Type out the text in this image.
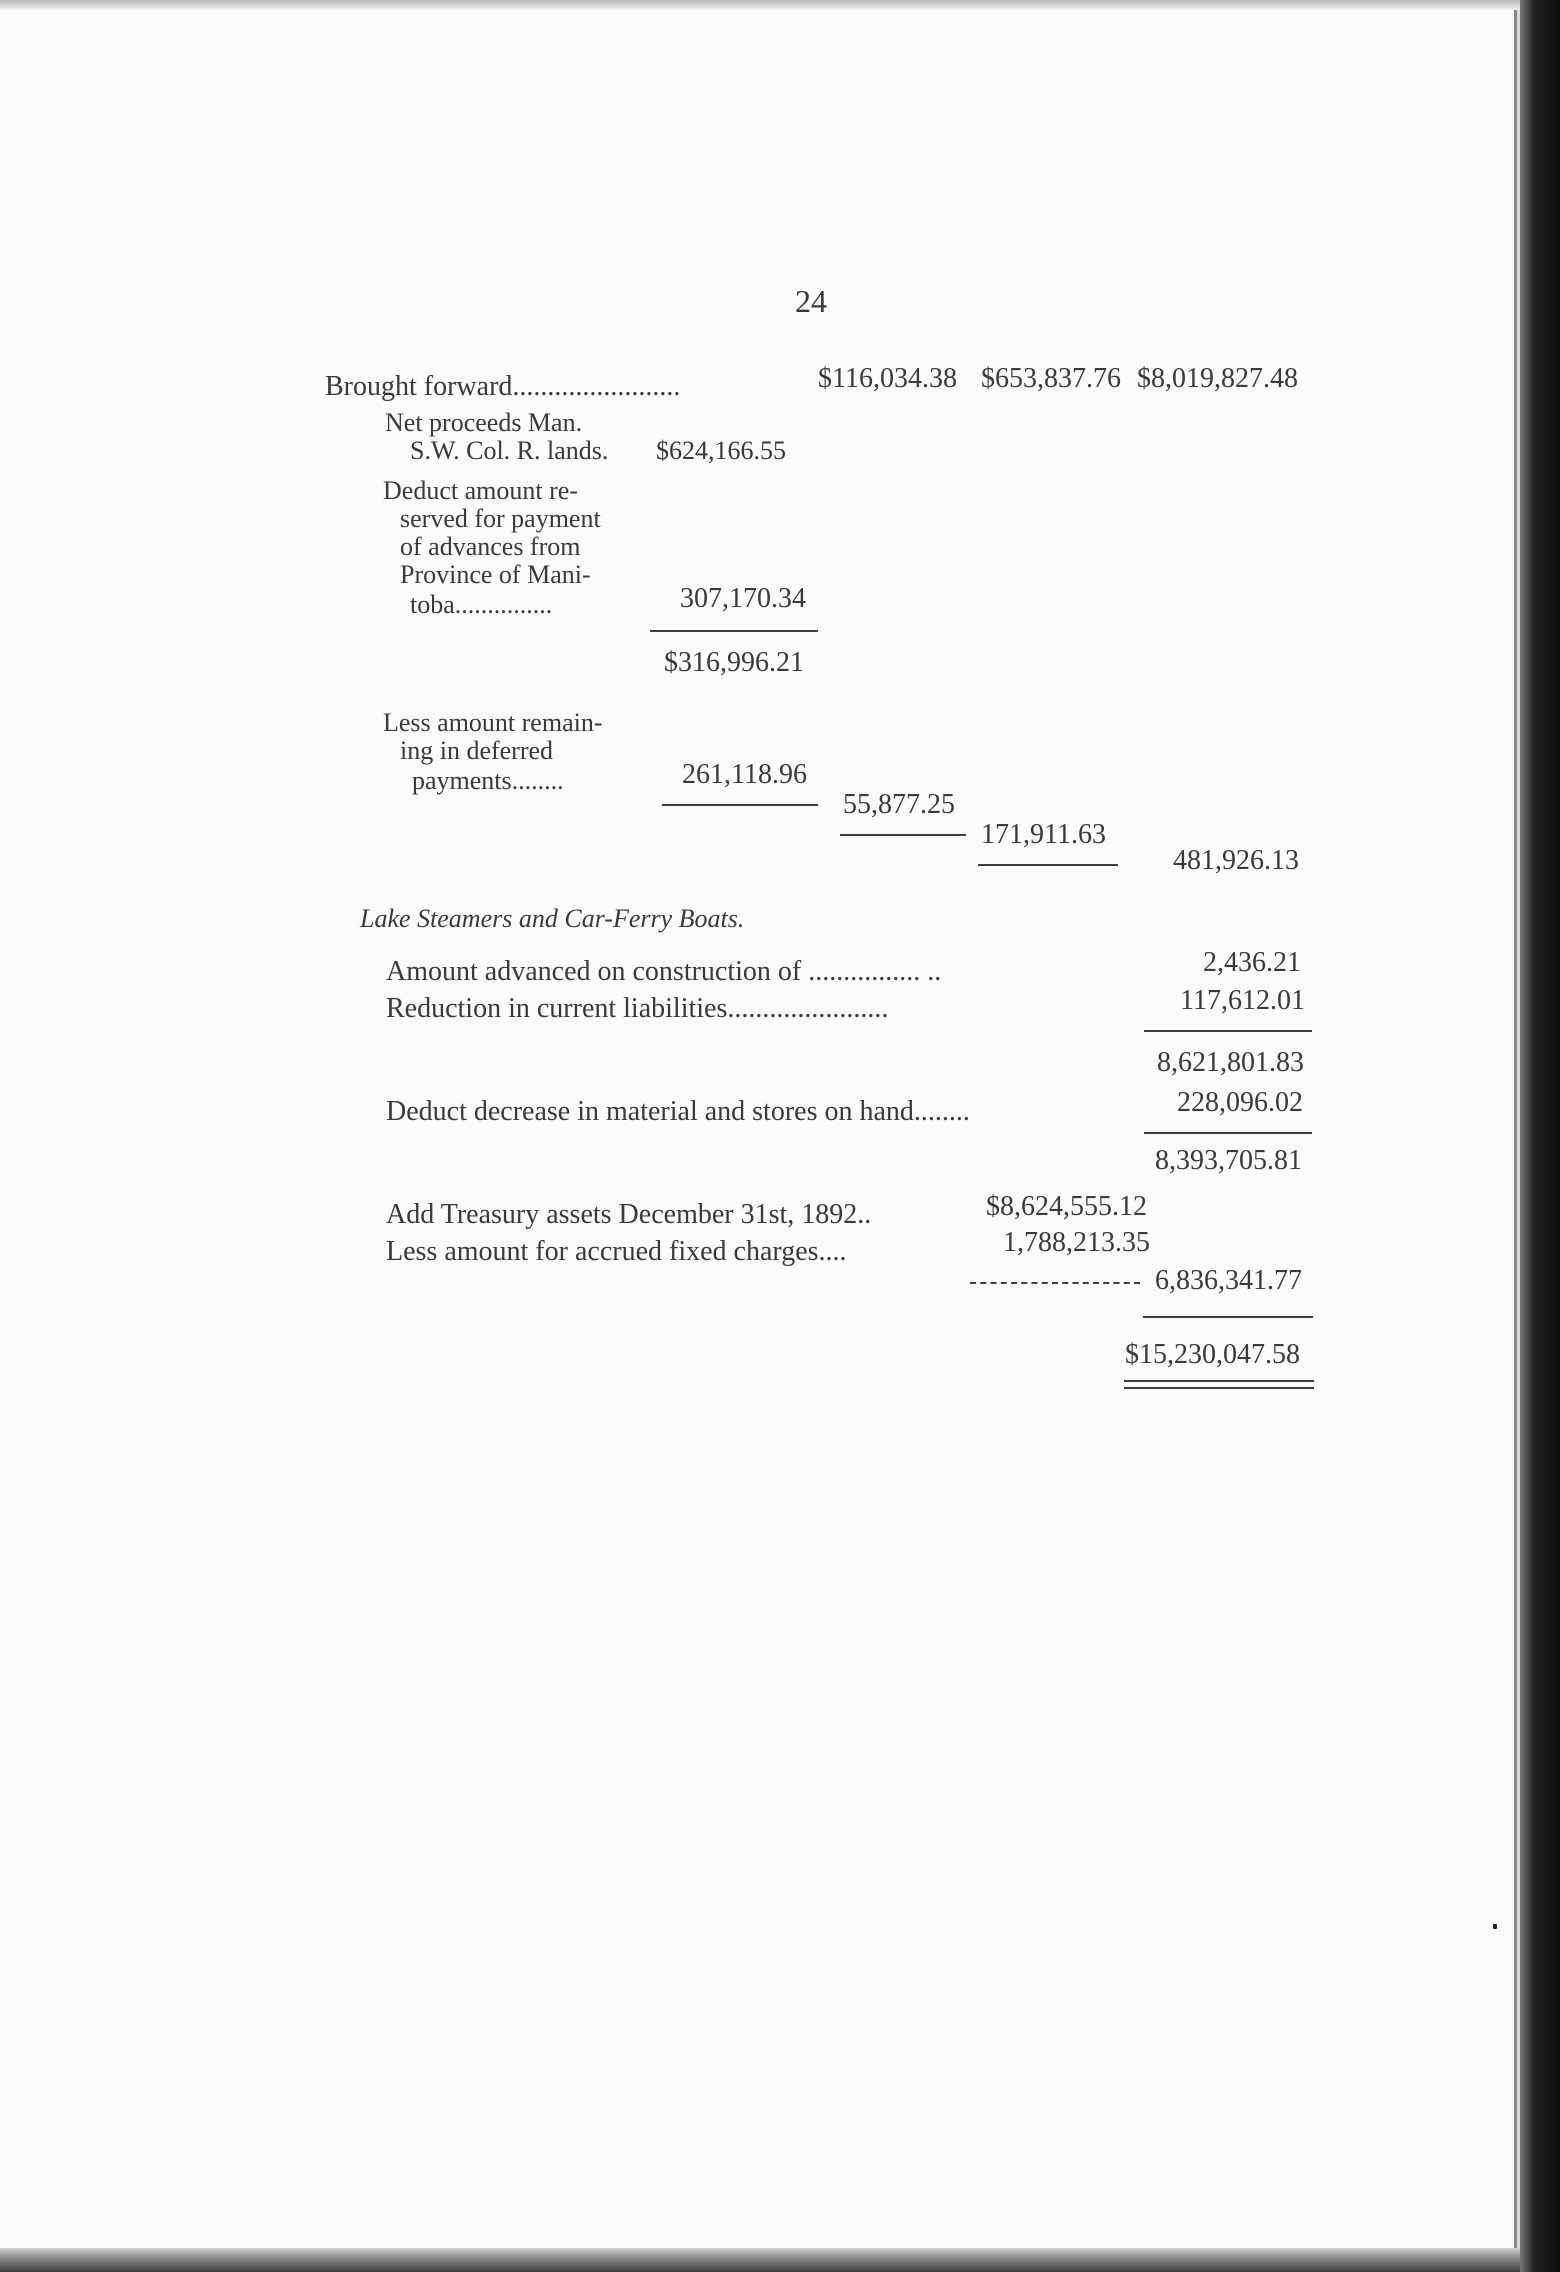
24
Brought forward........................	$116,034.38 $653,837.76 $8,019,827.48
Net proceeds Man.
S.W. Col. R. lands. $624,166.55
Deduct amount re-
served for payment
of advances from
Province of Mani-
toba...............	307,170.34
$316,996.21
Less amount remain-
ing in deferred
payments........	261,118.96
55,877.25
171,911.63
481,926.13
Lake Steamers and Car-Ferry Boats.
Amount advanced on construction of ................ ..	2,436.21
Reduction in current liabilities.......................	117,612.01
8,621,801.83
Deduct decrease in material and stores on hand........	228,096.02
8,393,705.81
Add Treasury assets December 31st, 1892..	$8,624,555.12
Less amount for accrued fixed charges....	1,788,213.35
6,836,341.77
$15,230,047.58
